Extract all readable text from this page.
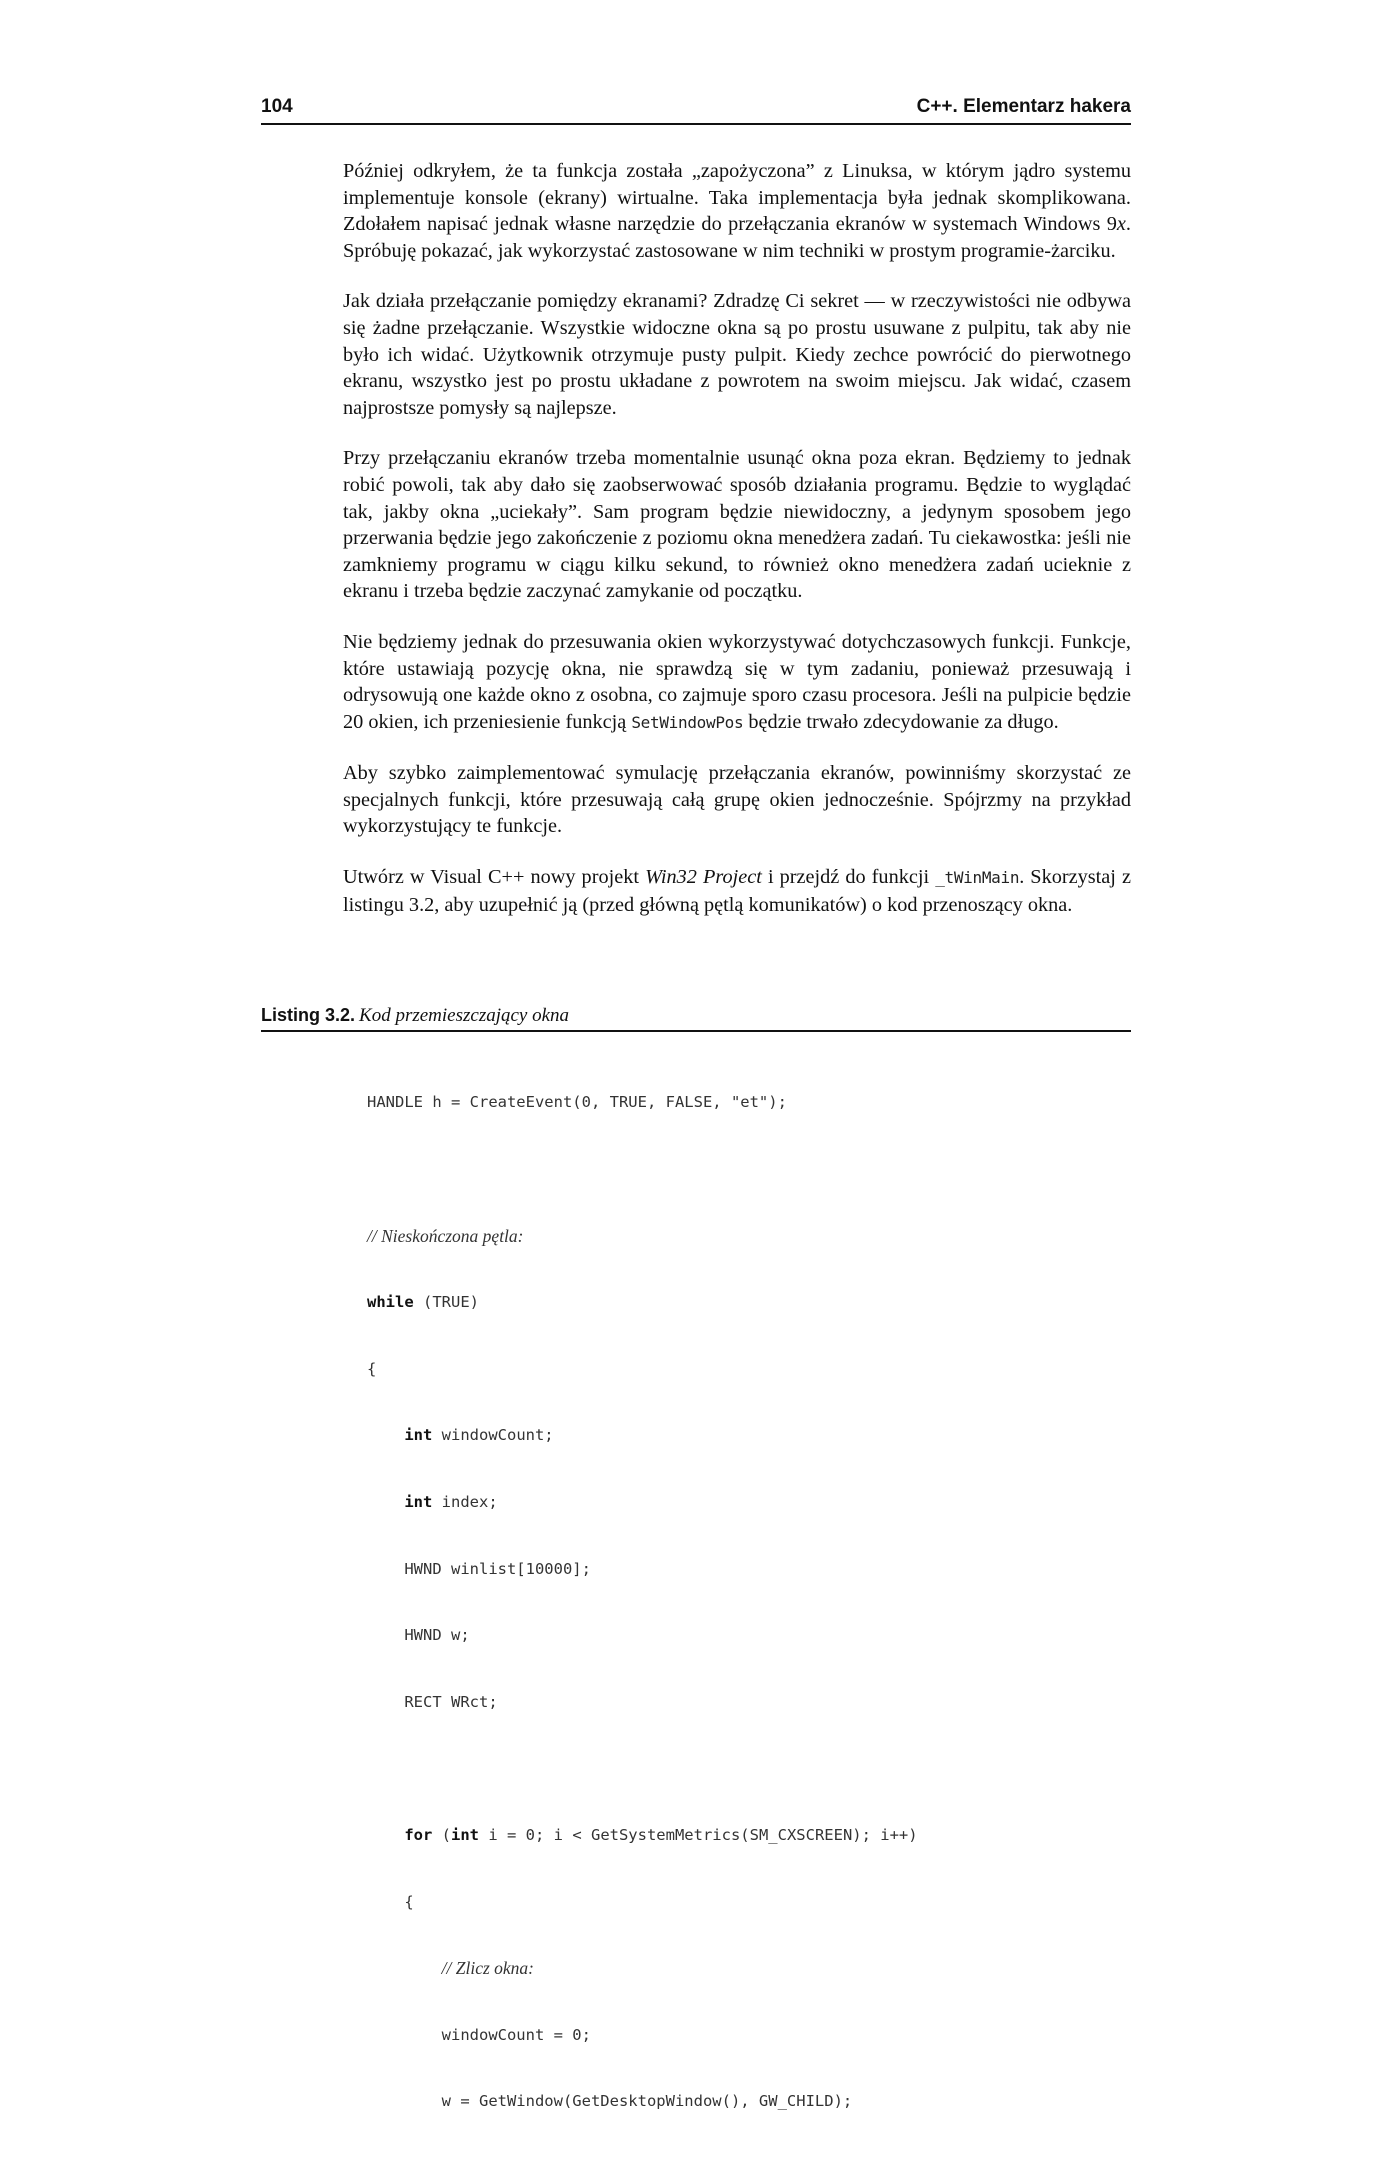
104	C++. Elementarz hakera

Później odkryłem, że ta funkcja została „zapożyczona” z Linuksa, w którym jądro systemu implementuje konsole (ekrany) wirtualne. Taka implementacja była jednak skomplikowana. Zdołałem napisać jednak własne narzędzie do przełączania ekranów w systemach Windows 9x. Spróbuję pokazać, jak wykorzystać zastosowane w nim techniki w prostym programie-żarciku.

Jak działa przełączanie pomiędzy ekranami? Zdradzę Ci sekret — w rzeczywistości nie odbywa się żadne przełączanie. Wszystkie widoczne okna są po prostu usuwane z pulpitu, tak aby nie było ich widać. Użytkownik otrzymuje pusty pulpit. Kiedy zechce powrócić do pierwotnego ekranu, wszystko jest po prostu układane z powrotem na swoim miejscu. Jak widać, czasem najprostsze pomysły są najlepsze.

Przy przełączaniu ekranów trzeba momentalnie usunąć okna poza ekran. Będziemy to jednak robić powoli, tak aby dało się zaobserwować sposób działania programu. Będzie to wyglądać tak, jakby okna „uciekały”. Sam program będzie niewidoczny, a jedynym sposobem jego przerwania będzie jego zakończenie z poziomu okna menedżera zadań. Tu ciekawostka: jeśli nie zamkniemy programu w ciągu kilku sekund, to również okno menedżera zadań ucieknie z ekranu i trzeba będzie zaczynać zamykanie od początku.

Nie będziemy jednak do przesuwania okien wykorzystywać dotychczasowych funkcji. Funkcje, które ustawiają pozycję okna, nie sprawdzą się w tym zadaniu, ponieważ przesuwają i odrysowują one każde okno z osobna, co zajmuje sporo czasu procesora. Jeśli na pulpicie będzie 20 okien, ich przeniesienie funkcją SetWindowPos będzie trwało zdecydowanie za długo.

Aby szybko zaimplementować symulację przełączania ekranów, powinniśmy skorzystać ze specjalnych funkcji, które przesuwają całą grupę okien jednocześnie. Spójrzmy na przykład wykorzystujący te funkcje.

Utwórz w Visual C++ nowy projekt Win32 Project i przejdź do funkcji _tWinMain. Skorzystaj z listingu 3.2, aby uzupełnić ją (przed główną pętlą komunikatów) o kod przenoszący okna.

Listing 3.2. Kod przemieszczający okna

HANDLE h = CreateEvent(0, TRUE, FALSE, "et");

// Nieskończona pętla:

while (TRUE)

{

int windowCount;

int index;

HWND winlist[10000];

HWND w;

RECT WRct;

for (int i = 0; i < GetSystemMetrics(SM_CXSCREEN); i++)

{

// Zlicz okna:

windowCount = 0;

w = GetWindow(GetDesktopWindow(), GW_CHILD);
